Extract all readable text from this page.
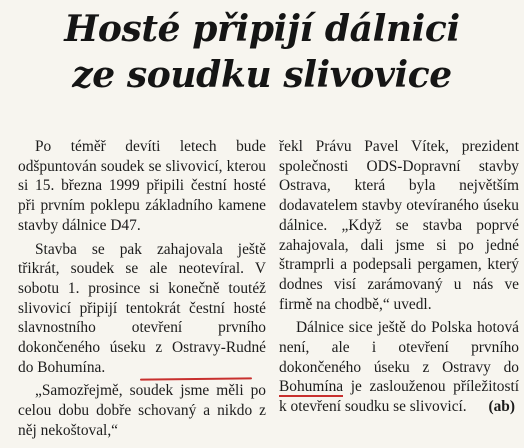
Hosté připijí dálnici
ze soudku slivovice

Po téměř devíti letech bude odšpuntován soudek se slivovicí, kterou si 15. března 1999 připili čestní hosté při prvním poklepu základního kamene stavby dálnice D47.

Stavba se pak zahajovala ještě třikrát, soudek se ale neotevíral. V sobotu 1. prosince si konečně toutéž slivovicí připijí tentokrát čestní hosté slavnostního otevření prvního dokončeného úseku z Ostravy-Rudné do Bohumína.

„Samozřejmě, soudek jsme měli po celou dobu dobře schovaný a nikdo z něj nekoštoval,“

řekl Právu Pavel Vítek, prezident společnosti ODS-Dopravní stavby Ostrava, která byla největším dodavatelem stavby otevíraného úseku dálnice. „Když se stavba poprvé zahajovala, dali jsme si po jedné štramprli a podepsali pergamen, který dodnes visí zarámovaný u nás ve firmě na chodbě,“ uvedl.

Dálnice sice ještě do Polska hotová není, ale i otevření prvního dokončeného úseku z Ostravy do Bohumína je zaslouženou příležitostí k otevření soudku se slivovicí.	(ab)
